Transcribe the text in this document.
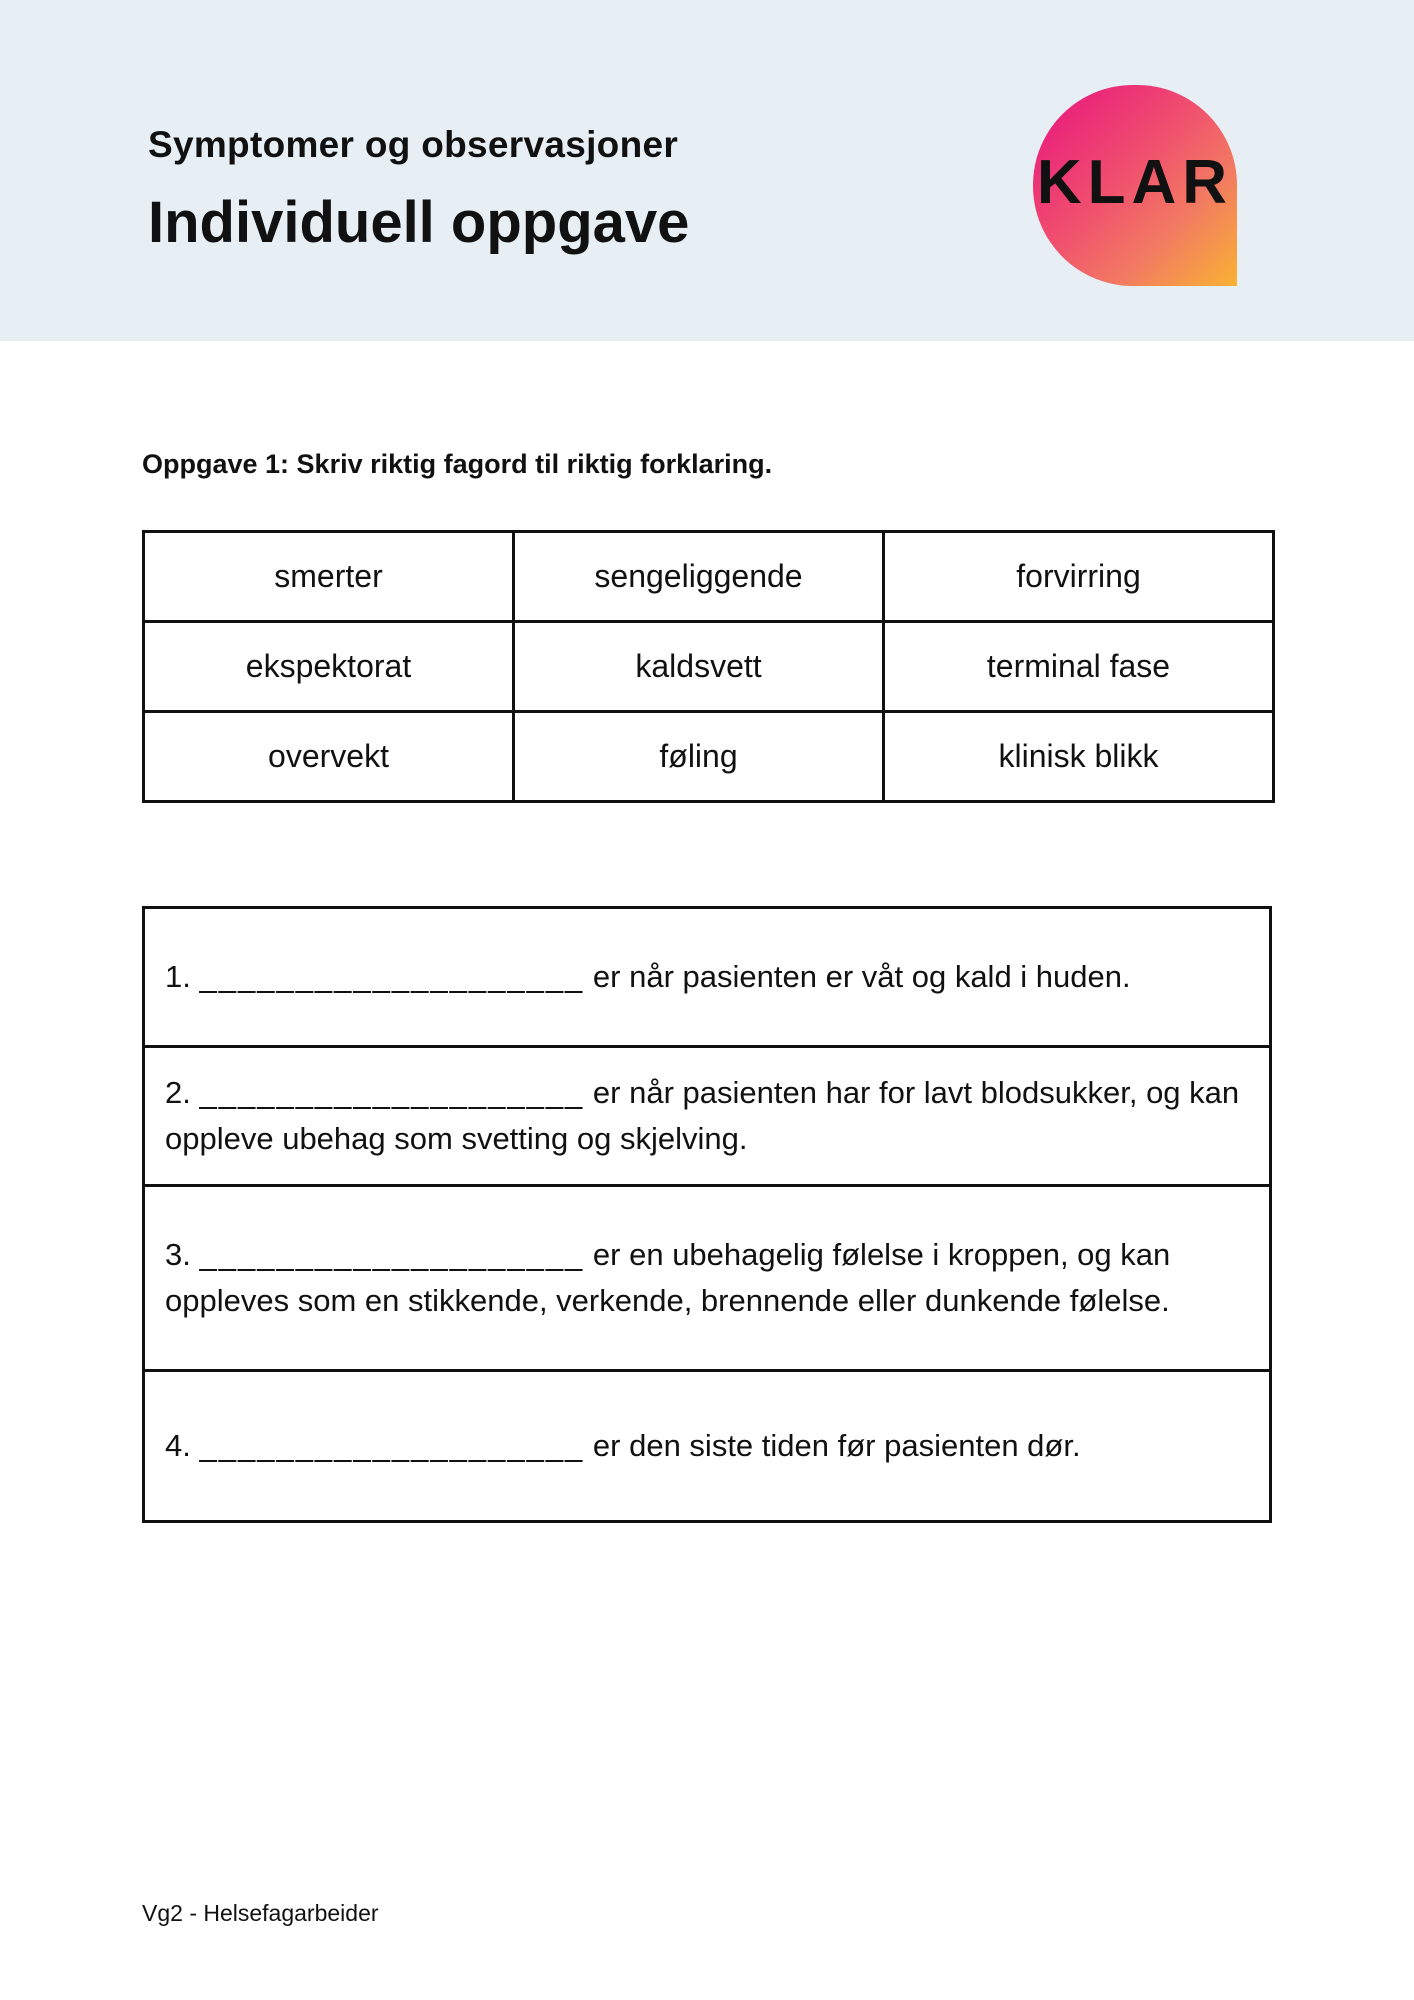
Symptomer og observasjoner
Individuell oppgave
KLAR
Oppgave 1: Skriv riktig fagord til riktig forklaring.
smerter	sengeliggende	forvirring
ekspektorat	kaldsvett	terminal fase
overvekt	føling	klinisk blikk
1. ____________________ er når pasienten er våt og kald i huden.
2. ____________________ er når pasienten har for lavt blodsukker, og kan oppleve ubehag som svetting og skjelving.
3. ____________________ er en ubehagelig følelse i kroppen, og kan oppleves som en stikkende, verkende, brennende eller dunkende følelse.
4. ____________________ er den siste tiden før pasienten dør.
Vg2 - Helsefagarbeider
